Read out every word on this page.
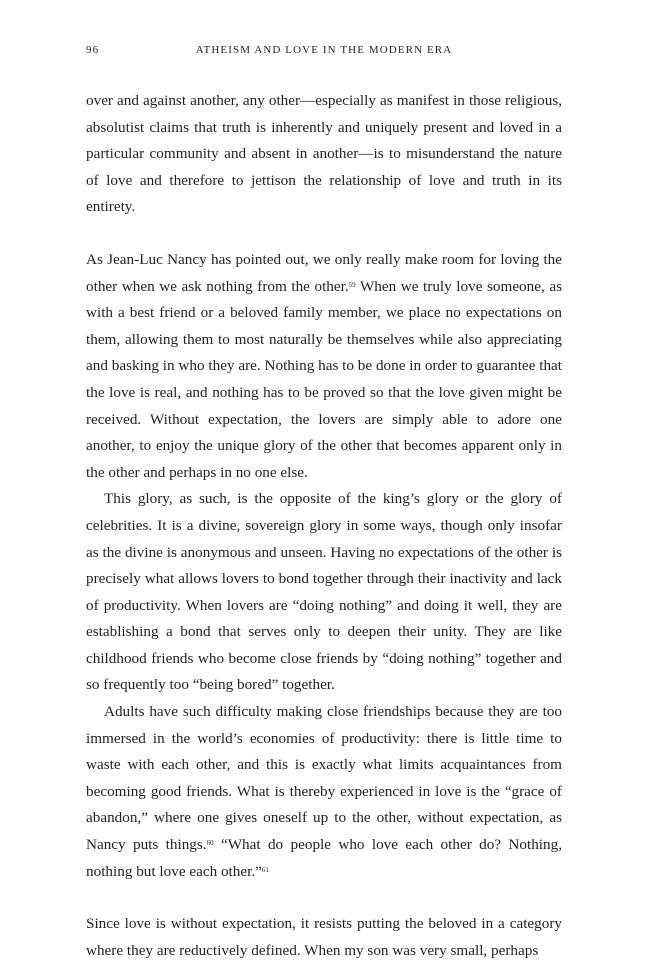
96	ATHEISM AND LOVE IN THE MODERN ERA

over and against another, any other—especially as manifest in those religious, absolutist claims that truth is inherently and uniquely present and loved in a particular community and absent in another—is to misunderstand the nature of love and therefore to jettison the relationship of love and truth in its entirety.

As Jean-Luc Nancy has pointed out, we only really make room for loving the other when we ask nothing from the other.$^{59}$ When we truly love someone, as with a best friend or a beloved family member, we place no expectations on them, allowing them to most naturally be themselves while also appreciating and basking in who they are. Nothing has to be done in order to guarantee that the love is real, and nothing has to be proved so that the love given might be received. Without expectation, the lovers are simply able to adore one another, to enjoy the unique glory of the other that becomes apparent only in the other and perhaps in no one else.

This glory, as such, is the opposite of the king’s glory or the glory of celebrities. It is a divine, sovereign glory in some ways, though only insofar as the divine is anonymous and unseen. Having no expectations of the other is precisely what allows lovers to bond together through their inactivity and lack of productivity. When lovers are “doing nothing” and doing it well, they are establishing a bond that serves only to deepen their unity. They are like childhood friends who become close friends by “doing nothing” together and so frequently too “being bored” together.

Adults have such difficulty making close friendships because they are too immersed in the world’s economies of productivity: there is little time to waste with each other, and this is exactly what limits acquaintances from becoming good friends. What is thereby experienced in love is the “grace of abandon,” where one gives oneself up to the other, without expectation, as Nancy puts things.$^{60}$ “What do people who love each other do? Nothing, nothing but love each other.”$^{61}$

Since love is without expectation, it resists putting the beloved in a category where they are reductively defined. When my son was very small, perhaps
